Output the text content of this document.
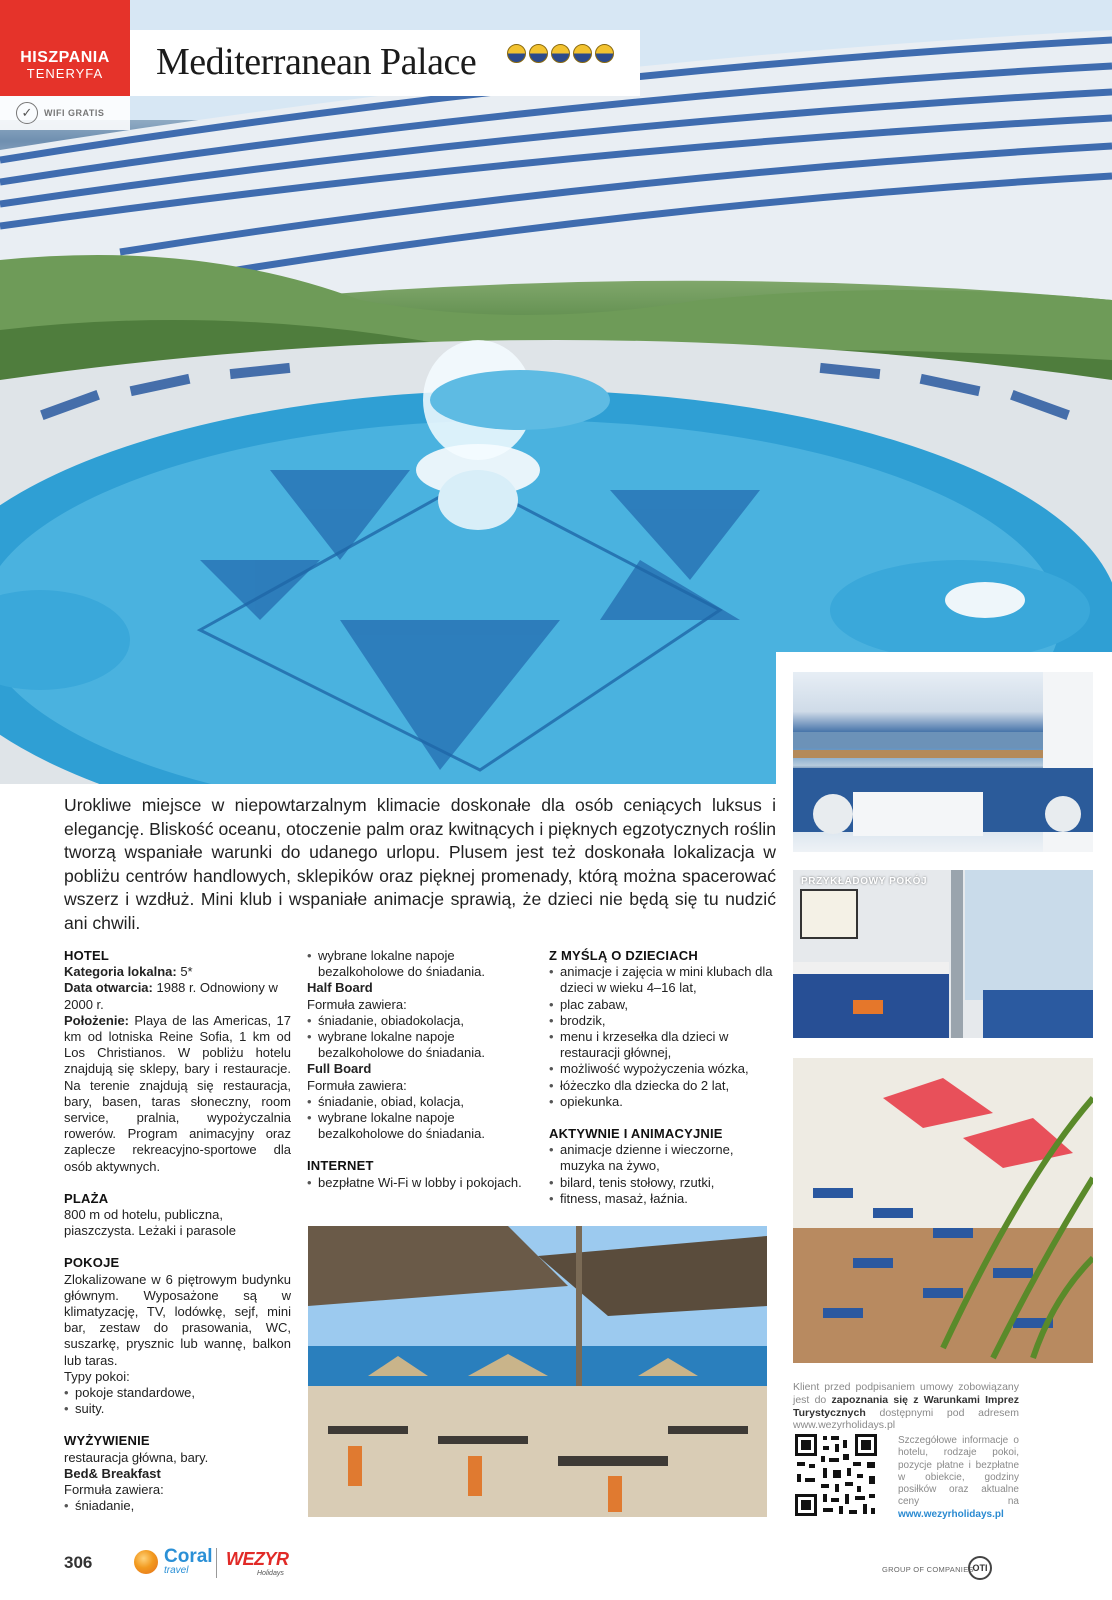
HISZPANIA
TENERYFA	Mediterranean Palace
✓	WIFI GRATIS
PRZYKŁADOWY POKÓJ
Urokliwe miejsce w niepowtarzalnym klimacie doskonałe dla osób ceniących luksus i elegancję. Bliskość oceanu, otoczenie palm oraz kwitnących i pięknych egzotycznych roślin tworzą wspaniałe warunki do udanego urlopu. Plusem jest też doskonała lokalizacja w pobliżu centrów handlowych, sklepików oraz pięknej promenady, którą można spacerować wszerz i wzdłuż. Mini klub i wspaniałe animacje sprawią, że dzieci nie będą się tu nudzić ani chwili.
HOTEL
Kategoria lokalna: 5*
Data otwarcia: 1988 r. Odnowiony w 2000 r.
Położenie: Playa de las Americas, 17 km od lotniska Reine Sofia, 1 km od Los Christianos. W pobliżu hotelu znajdują się sklepy, bary i restauracje. Na terenie znajdują się restauracja, bary, basen, taras słoneczny, room service, pralnia, wypożyczalnia rowerów. Program animacyjny oraz zaplecze rekreacyjno-sportowe dla osób aktywnych.
PLAŻA
800 m od hotelu, publiczna, piaszczysta. Leżaki i parasole
POKOJE
Zlokalizowane w 6 piętrowym budynku głównym. Wyposażone są w klimatyzację, TV, lodówkę, sejf, mini bar, zestaw do prasowania, WC, suszarkę, prysznic lub wannę, balkon lub taras.
Typy pokoi:
• pokoje standardowe,
• suity.
WYŻYWIENIE
restauracja główna, bary.
Bed& Breakfast
Formuła zawiera:
• śniadanie,
• wybrane lokalne napoje bezalkoholowe do śniadania.
Half Board
Formuła zawiera:
• śniadanie, obiadokolacja,
• wybrane lokalne napoje bezalkoholowe do śniadania.
Full Board
Formuła zawiera:
• śniadanie, obiad, kolacja,
• wybrane lokalne napoje bezalkoholowe do śniadania.
INTERNET
• bezpłatne Wi-Fi w lobby i pokojach.
Z MYŚLĄ O DZIECIACH
• animacje i zajęcia w mini klubach dla dzieci w wieku 4–16 lat,
• plac zabaw,
• brodzik,
• menu i krzesełka dla dzieci w restauracji głównej,
• możliwość wypożyczenia wózka,
• łóżeczko dla dziecka do 2 lat,
• opiekunka.
AKTYWNIE I ANIMACYJNIE
• animacje dzienne i wieczorne, muzyka na żywo,
• bilard, tenis stołowy, rzutki,
• fitness, masaż, łaźnia.
Klient przed podpisaniem umowy zobowiązany jest do zapoznania się z Warunkami Imprez Turystycznych dostępnymi pod adresem www.wezyrholidays.pl
Szczegółowe informacje o hotelu, rodzaje pokoi, pozycje płatne i bezpłatne w obiekcie, godziny posiłków oraz aktualne ceny na www.wezyrholidays.pl
306	Coral
travel
WEZYR
Holidays	GROUP OF COMPANIES
OTI
